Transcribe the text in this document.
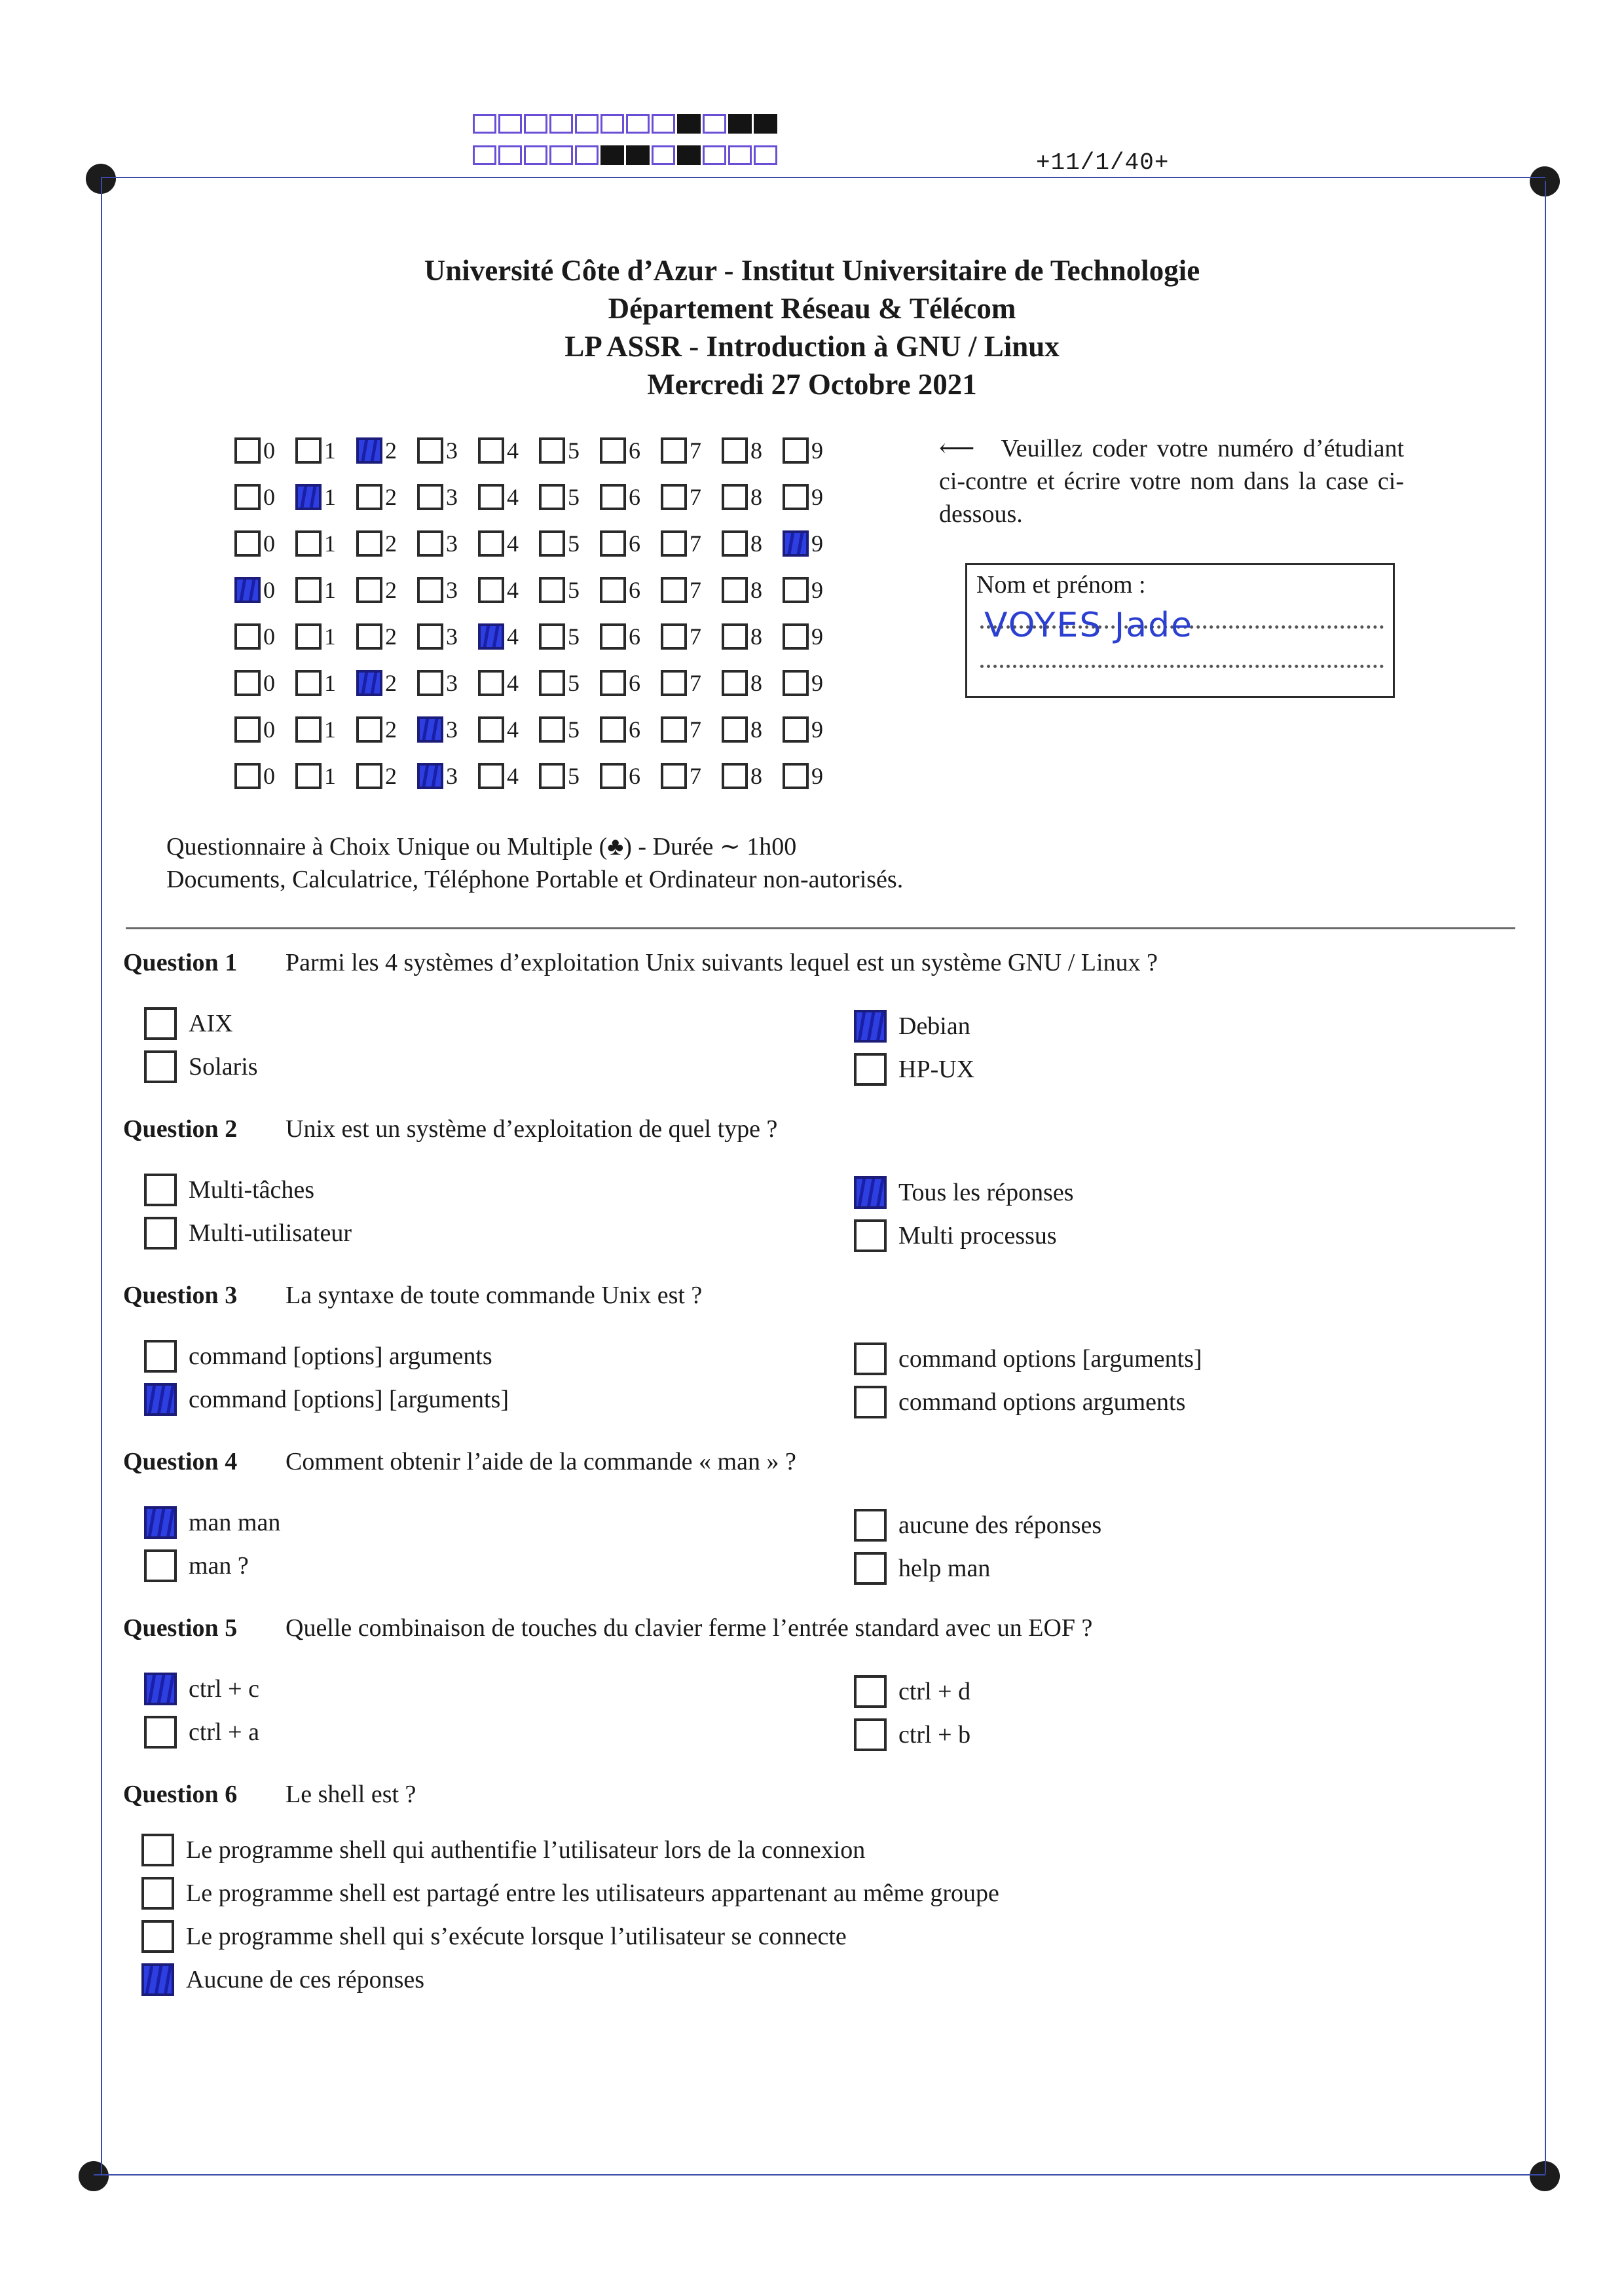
+11/1/40+
Université Côte d’Azur - Institut Universitaire de Technologie
Département Réseau & Télécom
LP ASSR - Introduction à GNU / Linux
Mercredi 27 Octobre 2021
0 1 2 3 4 5 6 7 8 9
0 1 2 3 4 5 6 7 8 9
0 1 2 3 4 5 6 7 8 9
0 1 2 3 4 5 6 7 8 9
0 1 2 3 4 5 6 7 8 9
0 1 2 3 4 5 6 7 8 9
0 1 2 3 4 5 6 7 8 9
0 1 2 3 4 5 6 7 8 9
⟵ Veuillez coder votre numéro d’étudiant ci-contre et écrire votre nom dans la case ci-dessous.
Nom et prénom :
VOYES Jade
Questionnaire à Choix Unique ou Multiple (♣) - Durée ∼ 1h00
Documents, Calculatrice, Téléphone Portable et Ordinateur non-autorisés.
Question 1 Parmi les 4 systèmes d’exploitation Unix suivants lequel est un système GNU / Linux ?
AIX
Solaris
Debian
HP-UX
Question 2 Unix est un système d’exploitation de quel type ?
Multi-tâches
Multi-utilisateur
Tous les réponses
Multi processus
Question 3 La syntaxe de toute commande Unix est ?
command [options] arguments
command [options] [arguments]
command options [arguments]
command options arguments
Question 4 Comment obtenir l’aide de la commande « man » ?
man man
man ?
aucune des réponses
help man
Question 5 Quelle combinaison de touches du clavier ferme l’entrée standard avec un EOF ?
ctrl + c
ctrl + a
ctrl + d
ctrl + b
Question 6 Le shell est ?
Le programme shell qui authentifie l’utilisateur lors de la connexion
Le programme shell est partagé entre les utilisateurs appartenant au même groupe
Le programme shell qui s’exécute lorsque l’utilisateur se connecte
Aucune de ces réponses
